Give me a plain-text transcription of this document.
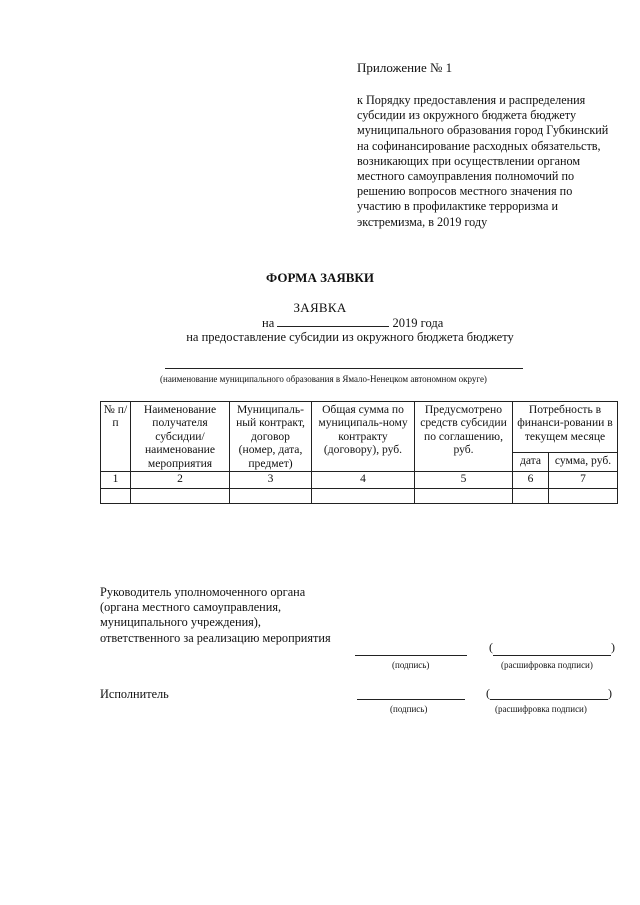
Приложение № 1
к Порядку предоставления и распределения субсидии из окружного бюджета бюджету муниципального образования город Губкинский на софинансирование расходных обязательств, возникающих при осуществлении органом местного самоуправления полномочий по решению вопросов местного значения по участию в профилактике терроризма и экстремизма, в 2019 году
ФОРМА ЗАЯВКИ
ЗАЯВКА
на	2019 года
на предоставление субсидии из окружного бюджета бюджету
(наименование муниципального образования в Ямало-Ненецком автономном округе)
№ п/п	Наименование получателя субсидии/ наименование мероприятия	Муниципаль-ный контракт, договор (номер, дата, предмет)	Общая сумма по муниципаль-ному контракту (договору), руб.	Предусмотрено средств субсидии по соглашению, руб.	Потребность в финанси-ровании в текущем месяце	
					дата	сумма, руб.
1	2	3	4	5	6	7

Руководитель уполномоченного органа (органа местного самоуправления, муниципального учреждения), ответственного за реализацию мероприятия
(подпись)
(	)
(расшифровка подписи)
Исполнитель
(подпись)
(	)
(расшифровка подписи)
